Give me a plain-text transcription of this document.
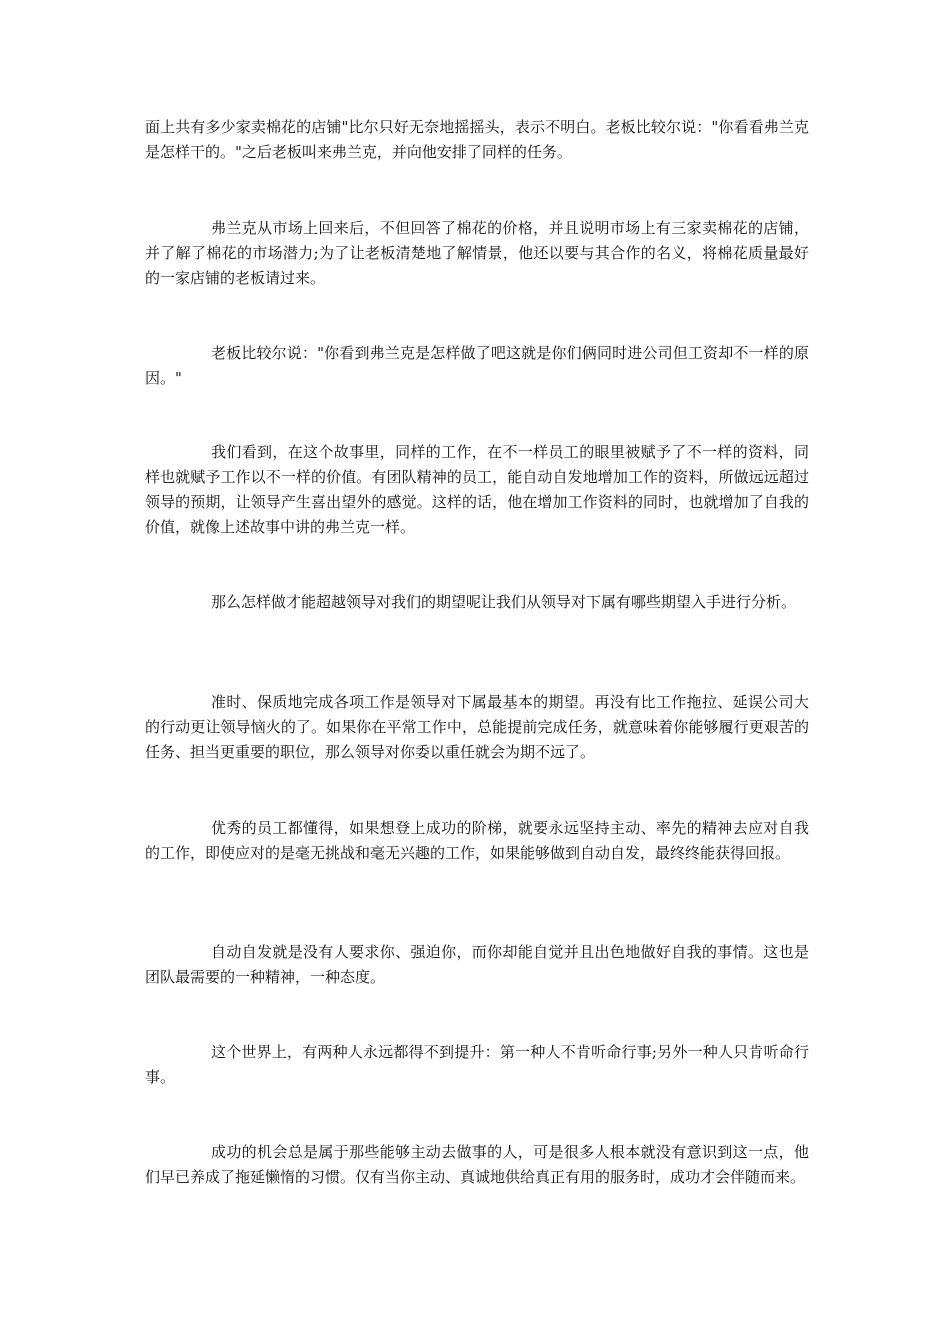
面上共有多少家卖棉花的店铺"比尔只好无奈地摇摇头，表示不明白。老板比较尔说："你看看弗兰克是怎样干的。"之后老板叫来弗兰克，并向他安排了同样的任务。

弗兰克从市场上回来后，不但回答了棉花的价格，并且说明市场上有三家卖棉花的店铺，并了解了棉花的市场潜力;为了让老板清楚地了解情景，他还以要与其合作的名义，将棉花质量最好的一家店铺的老板请过来。

老板比较尔说："你看到弗兰克是怎样做了吧这就是你们俩同时进公司但工资却不一样的原因。"

我们看到，在这个故事里，同样的工作，在不一样员工的眼里被赋予了不一样的资料，同样也就赋予工作以不一样的价值。有团队精神的员工，能自动自发地增加工作的资料，所做远远超过领导的预期，让领导产生喜出望外的感觉。这样的话，他在增加工作资料的同时，也就增加了自我的价值，就像上述故事中讲的弗兰克一样。

那么怎样做才能超越领导对我们的期望呢让我们从领导对下属有哪些期望入手进行分析。

准时、保质地完成各项工作是领导对下属最基本的期望。再没有比工作拖拉、延误公司大的行动更让领导恼火的了。如果你在平常工作中，总能提前完成任务，就意味着你能够履行更艰苦的任务、担当更重要的职位，那么领导对你委以重任就会为期不远了。

优秀的员工都懂得，如果想登上成功的阶梯，就要永远坚持主动、率先的精神去应对自我的工作，即使应对的是毫无挑战和毫无兴趣的工作，如果能够做到自动自发，最终终能获得回报。

自动自发就是没有人要求你、强迫你，而你却能自觉并且出色地做好自我的事情。这也是团队最需要的一种精神，一种态度。

这个世界上，有两种人永远都得不到提升：第一种人不肯听命行事;另外一种人只肯听命行事。

成功的机会总是属于那些能够主动去做事的人，可是很多人根本就没有意识到这一点，他们早已养成了拖延懒惰的习惯。仅有当你主动、真诚地供给真正有用的服务时，成功才会伴随而来。
